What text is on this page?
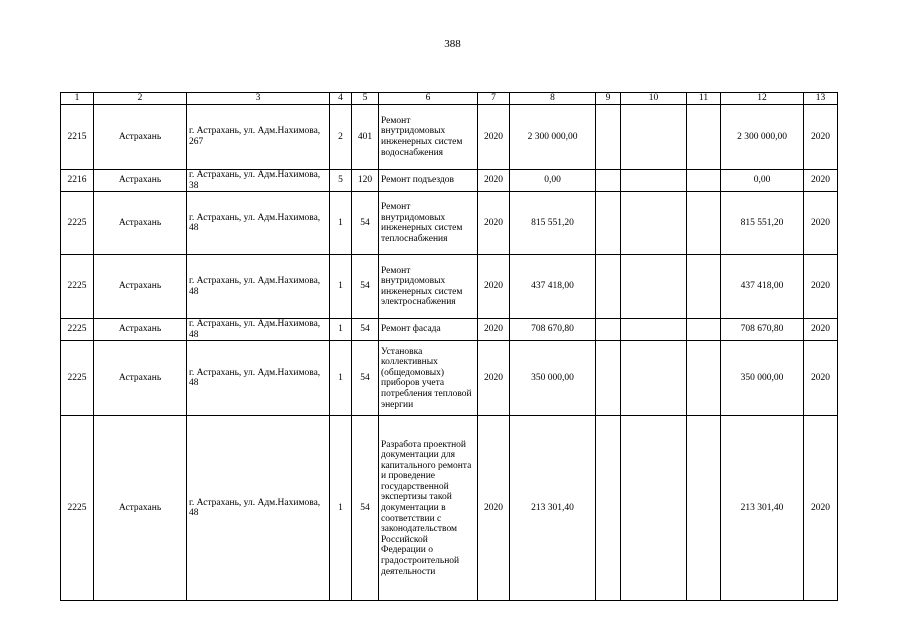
388
1	2	3	4	5	6	7	8	9	10	11	12	13
2215	Астрахань	г. Астрахань, ул. Адм.Нахимова, 267	2	401	Ремонт внутридомовых инженерных систем водоснабжения	2020	2 300 000,00				2 300 000,00	2020
2216	Астрахань	г. Астрахань, ул. Адм.Нахимова, 38	5	120	Ремонт подъездов	2020	0,00				0,00	2020
2225	Астрахань	г. Астрахань, ул. Адм.Нахимова, 48	1	54	Ремонт внутридомовых инженерных систем теплоснабжения	2020	815 551,20				815 551,20	2020
2225	Астрахань	г. Астрахань, ул. Адм.Нахимова, 48	1	54	Ремонт внутридомовых инженерных систем электроснабжения	2020	437 418,00				437 418,00	2020
2225	Астрахань	г. Астрахань, ул. Адм.Нахимова, 48	1	54	Ремонт фасада	2020	708 670,80				708 670,80	2020
2225	Астрахань	г. Астрахань, ул. Адм.Нахимова, 48	1	54	Установка коллективных (общедомовых) приборов учета потребления тепловой энергии	2020	350 000,00				350 000,00	2020
2225	Астрахань	г. Астрахань, ул. Адм.Нахимова, 48	1	54	Разработа проектной документации для капитального ремонта и проведение государственной экспертизы такой документации в соответствии с законодательством Российской Федерации о градостроительной деятельности	2020	213 301,40				213 301,40	2020
